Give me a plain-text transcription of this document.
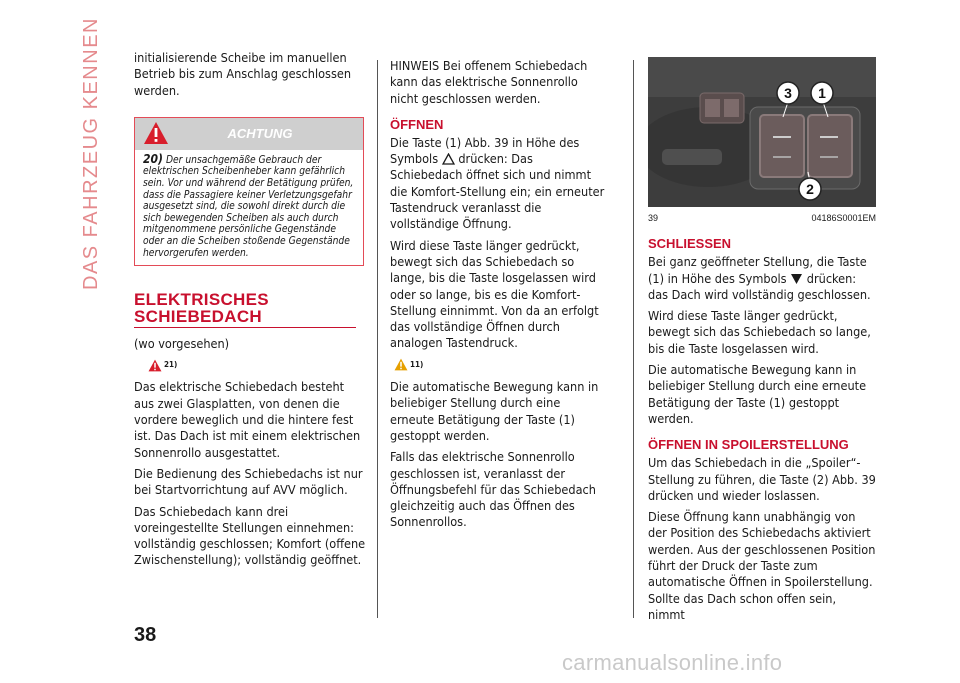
DAS FAHRZEUG KENNEN	initialisierende Scheibe im manuellen Betrieb bis zum Anschlag geschlossen werden.

ACHTUNG
20) Der unsachgemäße Gebrauch der elektrischen Scheibenheber kann gefährlich sein. Vor und während der Betätigung prüfen, dass die Passagiere keiner Verletzungsgefahr ausgesetzt sind, die sowohl direkt durch die sich bewegenden Scheiben als auch durch mitgenommene persönliche Gegenstände oder an die Scheiben stoßende Gegenstände hervorgerufen werden.
ELEKTRISCHES SCHIEBEDACH

(wo vorgesehen)

21)

Das elektrische Schiebedach besteht aus zwei Glasplatten, von denen die vordere beweglich und die hintere fest ist. Das Dach ist mit einem elektrischen Sonnenrollo ausgestattet.

Die Bedienung des Schiebedachs ist nur bei Startvorrichtung auf AVV möglich.

Das Schiebedach kann drei voreingestellte Stellungen einnehmen: vollständig geschlossen; Komfort (offene Zwischenstellung); vollständig geöffnet.

HINWEIS Bei offenem Schiebedach kann das elektrische Sonnenrollo nicht geschlossen werden.

ÖFFNEN

Die Taste (1) Abb. 39 in Höhe des Symbols drücken: Das Schiebedach öffnet sich und nimmt die Komfort-Stellung ein; ein erneuter Tastendruck veranlasst die vollständige Öffnung.

Wird diese Taste länger gedrückt, bewegt sich das Schiebedach so lange, bis die Taste losgelassen wird oder so lange, bis es die Komfort-Stellung einnimmt. Von da an erfolgt das vollständige Öffnen durch analogen Tastendruck.

11)

Die automatische Bewegung kann in beliebiger Stellung durch eine erneute Betätigung der Taste (1) gestoppt werden.

Falls das elektrische Sonnenrollo geschlossen ist, veranlasst der Öffnungsbefehl für das Schiebedach gleichzeitig auch das Öffnen des Sonnenrollos.

3 1
2
39	04186S0001EM
SCHLIESSEN

Bei ganz geöffneter Stellung, die Taste (1) in Höhe des Symbols drücken: das Dach wird vollständig geschlossen.

Wird diese Taste länger gedrückt, bewegt sich das Schiebedach so lange, bis die Taste losgelassen wird.

Die automatische Bewegung kann in beliebiger Stellung durch eine erneute Betätigung der Taste (1) gestoppt werden.

ÖFFNEN IN SPOILERSTELLUNG

Um das Schiebedach in die „Spoiler“-Stellung zu führen, die Taste (2) Abb. 39 drücken und wieder loslassen.

Diese Öffnung kann unabhängig von der Position des Schiebedachs aktiviert werden. Aus der geschlossenen Position führt der Druck der Taste zum automatische Öffnen in Spoilerstellung. Sollte das Dach schon offen sein, nimmt

38
carmanualsonline.info
